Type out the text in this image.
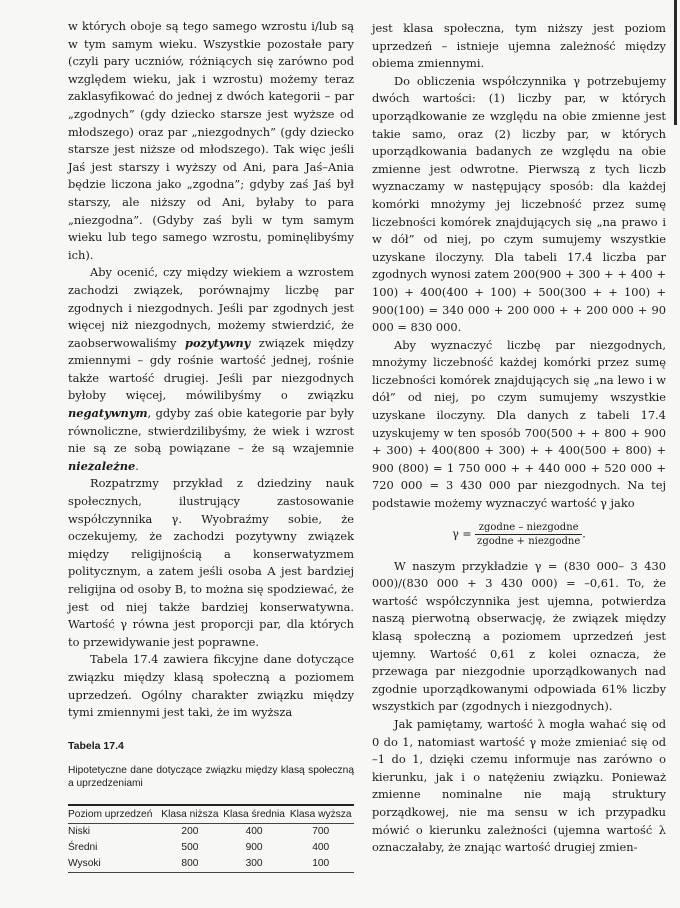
w których oboje są tego samego wzrostu i/lub są w tym samym wieku. Wszystkie pozostałe pary (czyli pary uczniów, różniących się zarówno pod względem wieku, jak i wzrostu) możemy teraz zaklasyfikować do jednej z dwóch kategorii – par „zgodnych” (gdy dziecko starsze jest wyższe od młodszego) oraz par „niezgodnych” (gdy dziecko starsze jest niższe od młodszego). Tak więc jeśli Jaś jest starszy i wyższy od Ani, para Jaś–Ania będzie liczona jako „zgodna”; gdyby zaś Jaś był starszy, ale niższy od Ani, byłaby to para „niezgodna”. (Gdyby zaś byli w tym samym wieku lub tego samego wzrostu, pominęlibyśmy ich).

Aby ocenić, czy między wiekiem a wzrostem zachodzi związek, porównajmy liczbę par zgodnych i niezgodnych. Jeśli par zgodnych jest więcej niż niezgodnych, możemy stwierdzić, że zaobserwowaliśmy pozytywny związek między zmiennymi – gdy rośnie wartość jednej, rośnie także wartość drugiej. Jeśli par niezgodnych byłoby więcej, mówilibyśmy o związku negatywnym, gdyby zaś obie kategorie par były równoliczne, stwierdzilibyśmy, że wiek i wzrost nie są ze sobą powiązane – że są wzajemnie niezależne.

Rozpatrzmy przykład z dziedziny nauk społecznych, ilustrujący zastosowanie współczynnika γ. Wyobraźmy sobie, że oczekujemy, że zachodzi pozytywny związek między religijnością a konserwatyzmem politycznym, a zatem jeśli osoba A jest bardziej religijna od osoby B, to można się spodziewać, że jest od niej także bardziej konserwatywna. Wartość γ równa jest proporcji par, dla których to przewidywanie jest poprawne.

Tabela 17.4 zawiera fikcyjne dane dotyczące związku między klasą społeczną a poziomem uprzedzeń. Ogólny charakter związku między tymi zmiennymi jest taki, że im wyższa

Tabela 17.4
Hipotetyczne dane dotyczące związku między klasą społeczną a uprzedzeniami
Poziom uprzedzeń	Klasa niższa	Klasa średnia	Klasa wyższa
Niski	200	400	700
Średni	500	900	400
Wysoki	800	300	100

jest klasa społeczna, tym niższy jest poziom uprzedzeń – istnieje ujemna zależność między obiema zmiennymi.

Do obliczenia współczynnika γ potrzebujemy dwóch wartości: (1) liczby par, w których uporządkowanie ze względu na obie zmienne jest takie samo, oraz (2) liczby par, w których uporządkowania badanych ze względu na obie zmienne jest odwrotne. Pierwszą z tych liczb wyznaczamy w następujący sposób: dla każdej komórki mnożymy jej liczebność przez sumę liczebności komórek znajdujących się „na prawo i w dół” od niej, po czym sumujemy wszystkie uzyskane iloczyny. Dla tabeli 17.4 liczba par zgodnych wynosi zatem 200(900 + 300 + + 400 + 100) + 400(400 + 100) + 500(300 + + 100) + 900(100) = 340 000 + 200 000 + + 200 000 + 90 000 = 830 000.

Aby wyznaczyć liczbę par niezgodnych, mnożymy liczebność każdej komórki przez sumę liczebności komórek znajdujących się „na lewo i w dół” od niej, po czym sumujemy wszystkie uzyskane iloczyny. Dla danych z tabeli 17.4 uzyskujemy w ten sposób 700(500 + + 800 + 900 + 300) + 400(800 + 300) + + 400(500 + 800) + 900 (800) = 1 750 000 + + 440 000 + 520 000 + 720 000 = 3 430 000 par niezgodnych. Na tej podstawie możemy wyznaczyć wartość γ jako

$\gamma = \frac{\text{zgodne – niezgodne}}{\text{zgodne + niezgodne}}$ .

W naszym przykładzie γ = (830 000– 3 430 000)/(830 000 + 3 430 000) = –0,61. To, że wartość współczynnika jest ujemna, potwierdza naszą pierwotną obserwację, że związek między klasą społeczną a poziomem uprzedzeń jest ujemny. Wartość 0,61 z kolei oznacza, że przewaga par niezgodnie uporządkowanych nad zgodnie uporządkowanymi odpowiada 61% liczby wszystkich par (zgodnych i niezgodnych).

Jak pamiętamy, wartość λ mogła wahać się od 0 do 1, natomiast wartość γ może zmieniać się od –1 do 1, dzięki czemu informuje nas zarówno o kierunku, jak i o natężeniu związku. Ponieważ zmienne nominalne nie mają struktury porządkowej, nie ma sensu w ich przypadku mówić o kierunku zależności (ujemna wartość λ oznaczałaby, że znając wartość drugiej zmien-
